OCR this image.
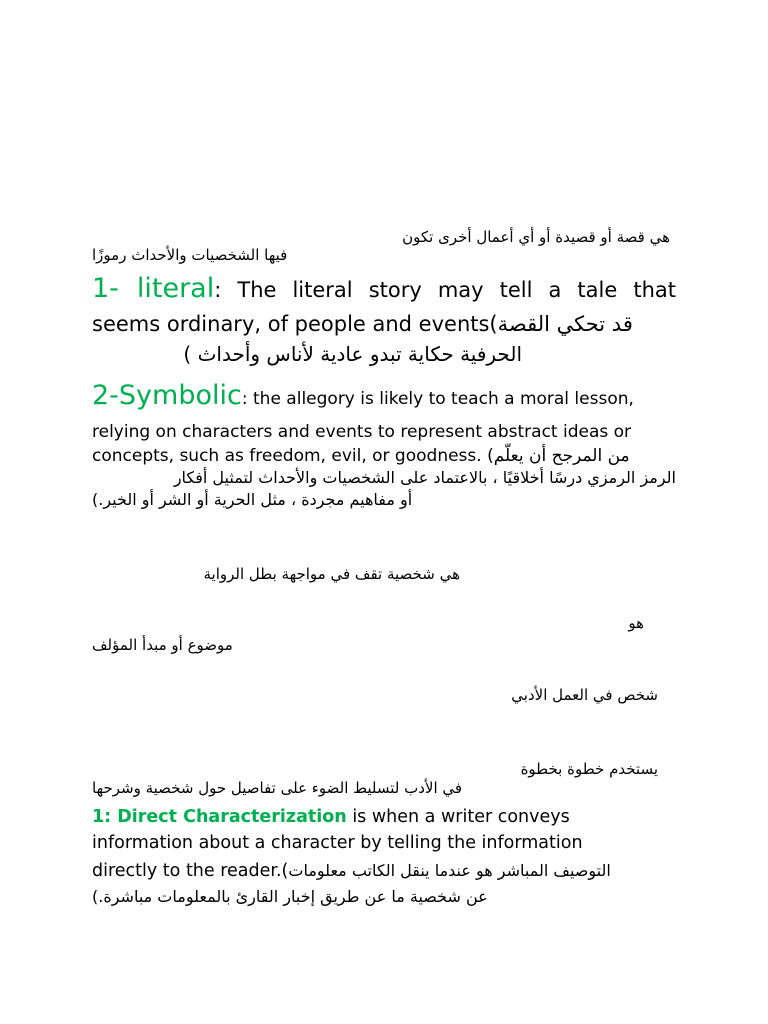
هي قصة أو قصيدة أو أي أعمال أخرى تكون
فيها الشخصيات والأحداث رموزًا
1- literal: The literal story may tell a tale that
seems ordinary, of people and events(قد تحكي القصة
الحرفية حكاية تبدو عادية لأناس وأحداث )
2-Symbolic: the allegory is likely to teach a moral lesson,
relying on characters and events to represent abstract ideas or
concepts, such as freedom, evil, or goodness. (من المرجح أن يعلّم
الرمز الرمزي درسًا أخلاقيًا ، بالاعتماد على الشخصيات والأحداث لتمثيل أفكار
أو مفاهيم مجردة ، مثل الحرية أو الشر أو الخير.)
هي شخصية تقف في مواجهة بطل الرواية
هو
موضوع أو مبدأ المؤلف
شخص في العمل الأدبي
يستخدم خطوة بخطوة
في الأدب لتسليط الضوء على تفاصيل حول شخصية وشرحها
1: Direct Characterization is when a writer conveys
information about a character by telling the information
directly to the reader.(التوصيف المباشر هو عندما ينقل الكاتب معلومات
عن شخصية ما عن طريق إخبار القارئ بالمعلومات مباشرة.)
